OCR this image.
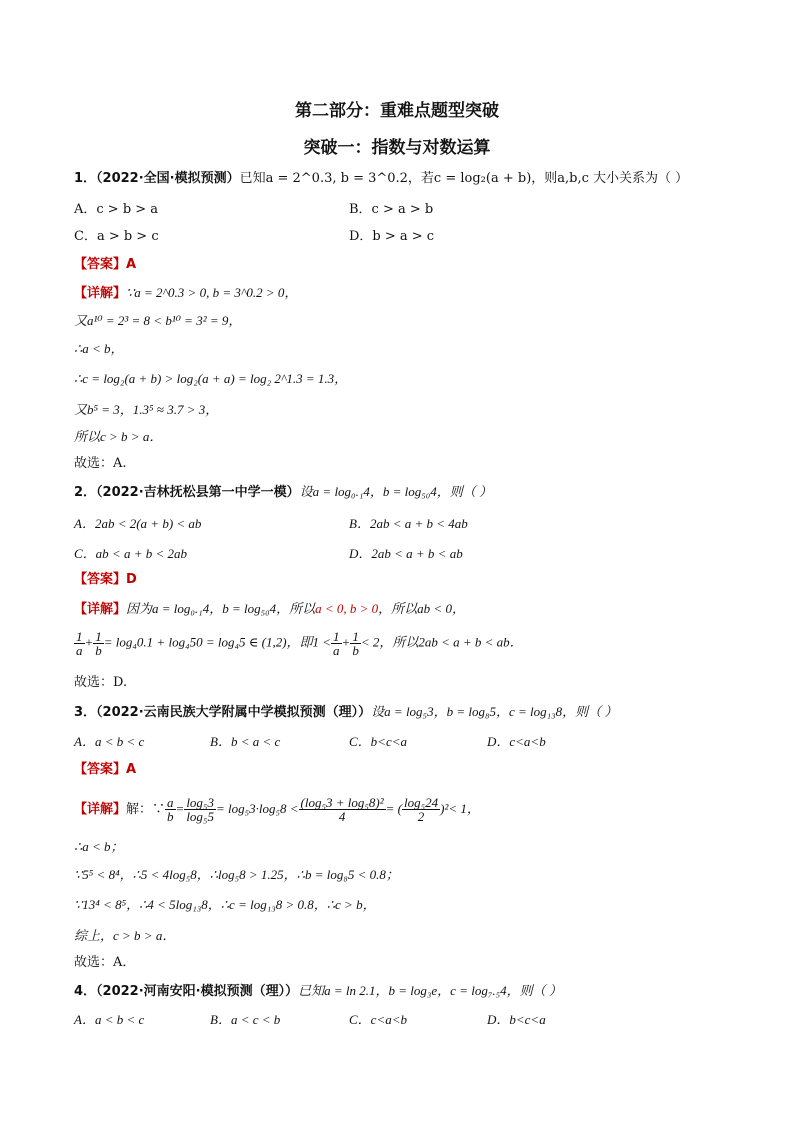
第二部分：重难点题型突破
突破一：指数与对数运算
1．（2022·全国·模拟预测）已知a = 2^0.3, b = 3^0.2，若c = log₂(a + b)，则a,b,c 大小关系为（ ）
A．c > b > a	B．c > a > b
C．a > b > c	D．b > a > c
【答案】A
【详解】∵a = 2^0.3 > 0, b = 3^0.2 > 0，
又a¹⁰ = 2³ = 8 < b¹⁰ = 3² = 9，
∴a < b，
∴c = log₂(a + b) > log₂(a + a) = log₂ 2^1.3 = 1.3，
又b⁵ = 3，1.3⁵ ≈ 3.7 > 3，
所以c > b > a．
故选：A.
2．（2022·吉林抚松县第一中学一模）设a = log₀.₁4，b = log₅₀4，则（ ）
A．2ab < 2(a + b) < ab	B．2ab < a + b < 4ab
C．ab < a + b < 2ab	D．2ab < a + b < ab
【答案】D
【详解】因为a = log₀.₁4，b = log₅₀4，所以a < 0, b > 0，所以ab < 0，
$\frac{1}{a} + \frac{1}{b} = \log_40.1 + \log_450 = \log_45$ ∈ (1,2)，即$1 < \frac{1}{a} + \frac{1}{b} < 2$，所以2ab < a + b < ab．
故选：D.
3．（2022·云南民族大学附属中学模拟预测（理））设a = log₅3，b = log₈5，c = log₁₃8，则（ ）
A．a < b < c	B．b < a < c	C．b<c<a	D．c<a<b
【答案】A
【详解】解：∵ $\frac{a}{b} = \frac{\text{log₅3}}{\text{log₅5}} = \log_53\cdot\log_58 < \frac{\text{(log₅3 + log₅8)²}}{4}$ = ( $\frac{\text{log₅24}}{2} )^2< 1$，
∴a < b；
∵5⁵ < 8⁴，∴5 < 4log₅8，∴log₅8 > 1.25，∴b = log₈5 < 0.8；
∵13⁴ < 8⁵，∴4 < 5log₁₃8，∴c = log₁₃8 > 0.8，∴c > b，
综上，c > b > a．
故选：A．
4．（2022·河南安阳·模拟预测（理））已知a = ln 2.1，b = log₃e，c = log₇.₅4，则（ ）
A．a < b < c	B．a < c < b	C．c<a<b	D．b<c<a
